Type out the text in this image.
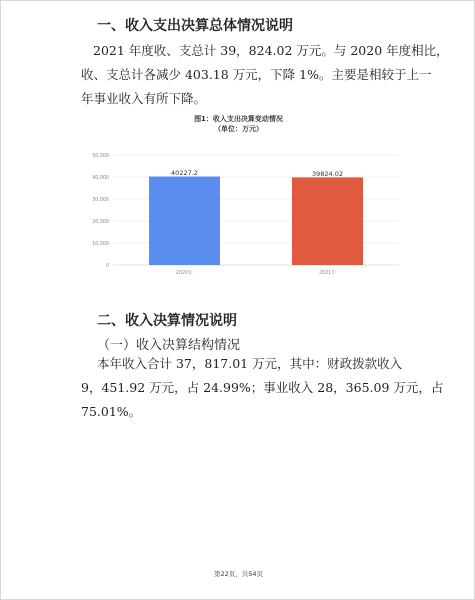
一、收入支出决算总体情况说明
2021 年度收、支总计 39，824.02 万元。与 2020 年度相比，
收、支总计各减少 403.18 万元，下降 1%。主要是相较于上一
年事业收入有所下降。
图1：收入支出决算变动情况
（单位：万元）
0
10,000
20,000
30,000
40,000
50,000
40227.2
2020年
39824.02
2021年
二、收入决算情况说明
（一）收入决算结构情况
本年收入合计 37，817.01 万元，其中：财政拨款收入
9，451.92 万元，占 24.99%；事业收入 28，365.09 万元，占
75.01%。
第22页，共54页
